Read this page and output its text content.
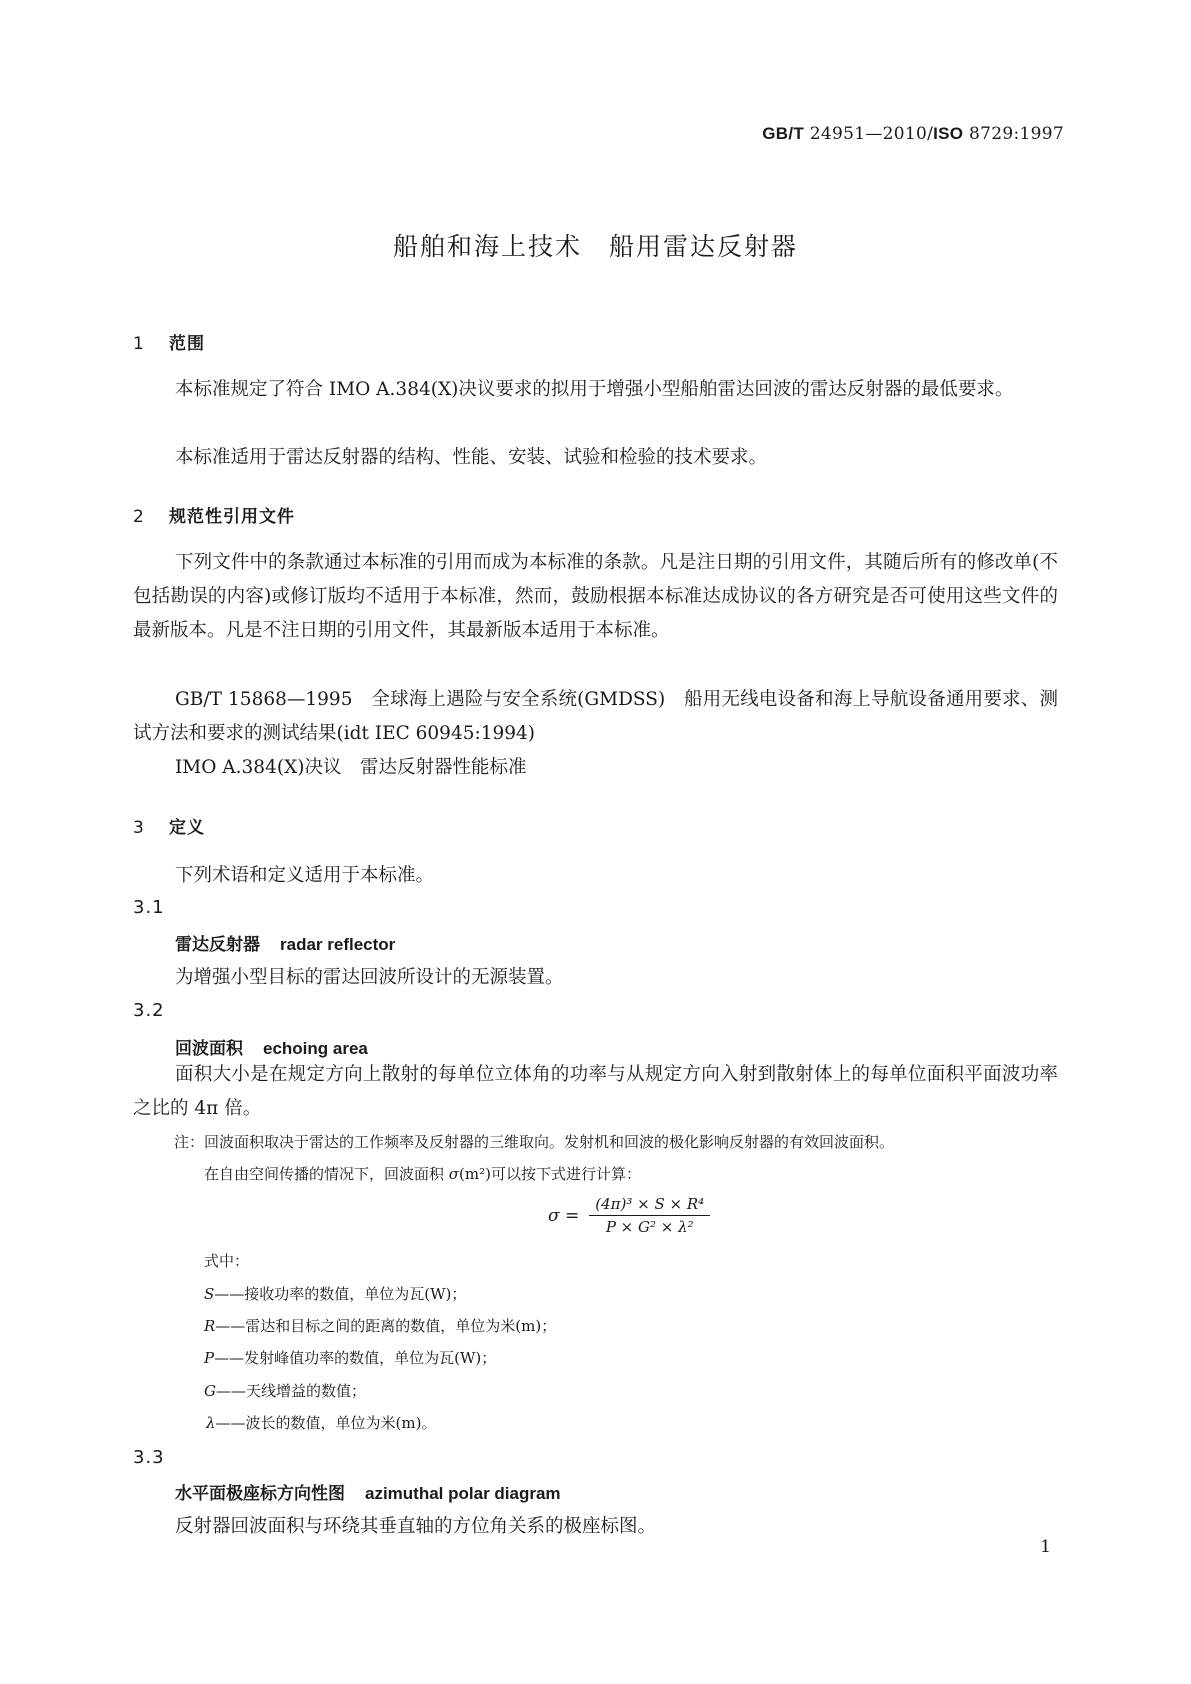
GB/T 24951—2010/ISO 8729:1997
船舶和海上技术　船用雷达反射器
1 范围
本标准规定了符合 IMO A.384(X)决议要求的拟用于增强小型船舶雷达回波的雷达反射器的最低要求。
本标准适用于雷达反射器的结构、性能、安装、试验和检验的技术要求。
2 规范性引用文件
下列文件中的条款通过本标准的引用而成为本标准的条款。凡是注日期的引用文件，其随后所有的修改单(不包括勘误的内容)或修订版均不适用于本标准，然而，鼓励根据本标准达成协议的各方研究是否可使用这些文件的最新版本。凡是不注日期的引用文件，其最新版本适用于本标准。
GB/T 15868—1995　全球海上遇险与安全系统(GMDSS)　船用无线电设备和海上导航设备通用要求、测试方法和要求的测试结果(idt IEC 60945:1994)
IMO A.384(X)决议　雷达反射器性能标准
3 定义
下列术语和定义适用于本标准。
3.1
雷达反射器 radar reflector
为增强小型目标的雷达回波所设计的无源装置。
3.2
回波面积 echoing area
面积大小是在规定方向上散射的每单位立体角的功率与从规定方向入射到散射体上的每单位面积平面波功率之比的 4π 倍。
注：回波面积取决于雷达的工作频率及反射器的三维取向。发射机和回波的极化影响反射器的有效回波面积。
在自由空间传播的情况下，回波面积 σ(m²)可以按下式进行计算：
$\sigma = \frac{\text{(4π)³ × S × R⁴}}{\text{P × G² × λ²}}$
式中：
S——接收功率的数值，单位为瓦(W)；
R——雷达和目标之间的距离的数值，单位为米(m)；
P——发射峰值功率的数值，单位为瓦(W)；
G——天线增益的数值；
λ——波长的数值，单位为米(m)。
3.3
水平面极座标方向性图 azimuthal polar diagram
反射器回波面积与环绕其垂直轴的方位角关系的极座标图。
1
